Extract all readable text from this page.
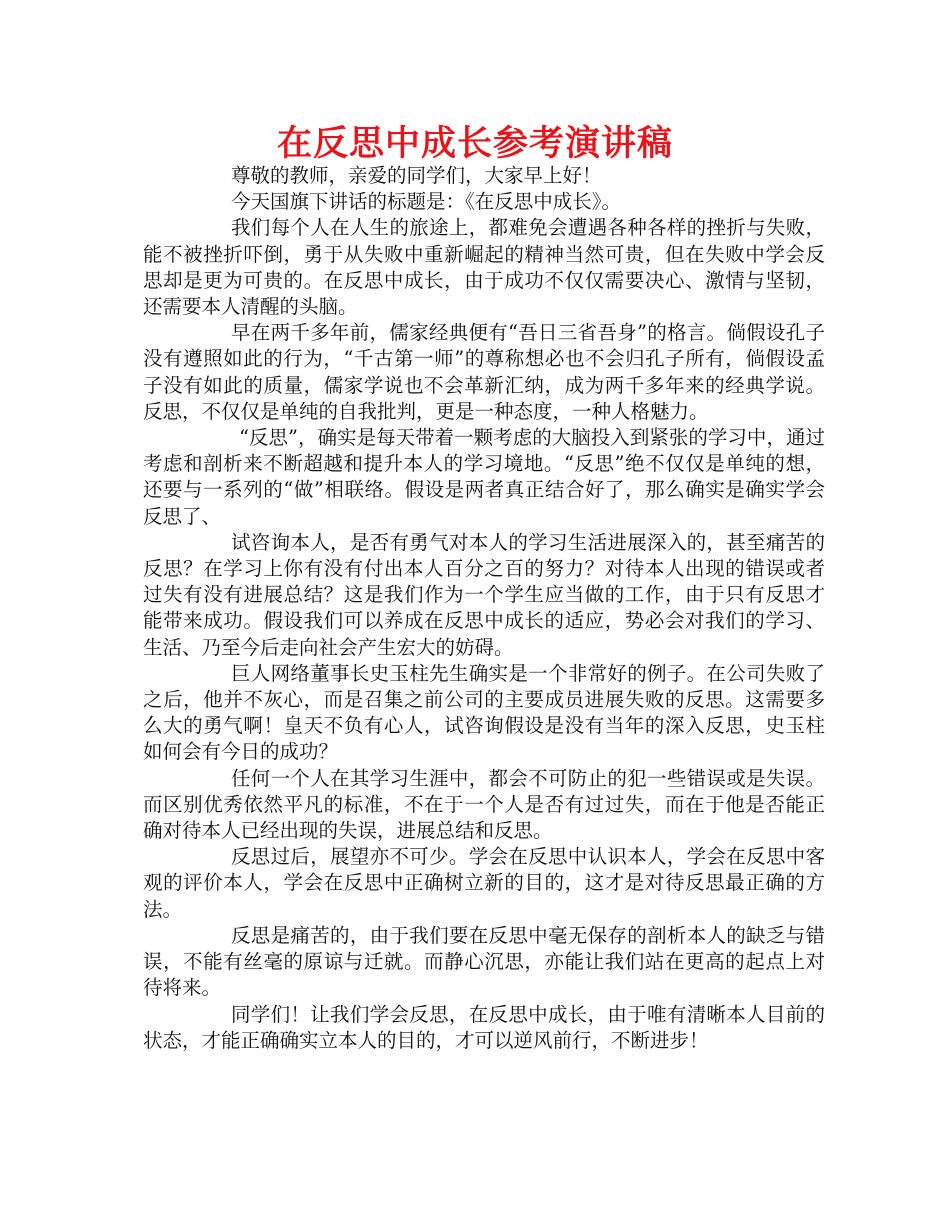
在反思中成长参考演讲稿

尊敬的教师，亲爱的同学们，大家早上好！

今天国旗下讲话的标题是：《在反思中成长》。

我们每个人在人生的旅途上，都难免会遭遇各种各样的挫折与失败，能不被挫折吓倒，勇于从失败中重新崛起的精神当然可贵，但在失败中学会反思却是更为可贵的。在反思中成长，由于成功不仅仅需要决心、激情与坚韧，还需要本人清醒的头脑。

早在两千多年前，儒家经典便有“吾日三省吾身”的格言。倘假设孔子没有遵照如此的行为，“千古第一师”的尊称想必也不会归孔子所有，倘假设孟子没有如此的质量，儒家学说也不会革新汇纳，成为两千多年来的经典学说。反思，不仅仅是单纯的自我批判，更是一种态度，一种人格魅力。

“反思”，确实是每天带着一颗考虑的大脑投入到紧张的学习中，通过考虑和剖析来不断超越和提升本人的学习境地。“反思”绝不仅仅是单纯的想，还要与一系列的“做”相联络。假设是两者真正结合好了，那么确实是确实学会反思了、

试咨询本人，是否有勇气对本人的学习生活进展深入的，甚至痛苦的反思？在学习上你有没有付出本人百分之百的努力？对待本人出现的错误或者过失有没有进展总结？这是我们作为一个学生应当做的工作，由于只有反思才能带来成功。假设我们可以养成在反思中成长的适应，势必会对我们的学习、生活、乃至今后走向社会产生宏大的妨碍。

巨人网络董事长史玉柱先生确实是一个非常好的例子。在公司失败了之后，他并不灰心，而是召集之前公司的主要成员进展失败的反思。这需要多么大的勇气啊！皇天不负有心人，试咨询假设是没有当年的深入反思，史玉柱如何会有今日的成功？

任何一个人在其学习生涯中，都会不可防止的犯一些错误或是失误。而区别优秀依然平凡的标准，不在于一个人是否有过过失，而在于他是否能正确对待本人已经出现的失误，进展总结和反思。

反思过后，展望亦不可少。学会在反思中认识本人，学会在反思中客观的评价本人，学会在反思中正确树立新的目的，这才是对待反思最正确的方法。

反思是痛苦的，由于我们要在反思中毫无保存的剖析本人的缺乏与错误，不能有丝毫的原谅与迁就。而静心沉思，亦能让我们站在更高的起点上对待将来。

同学们！让我们学会反思，在反思中成长，由于唯有清晰本人目前的状态，才能正确确实立本人的目的，才可以逆风前行，不断进步！
